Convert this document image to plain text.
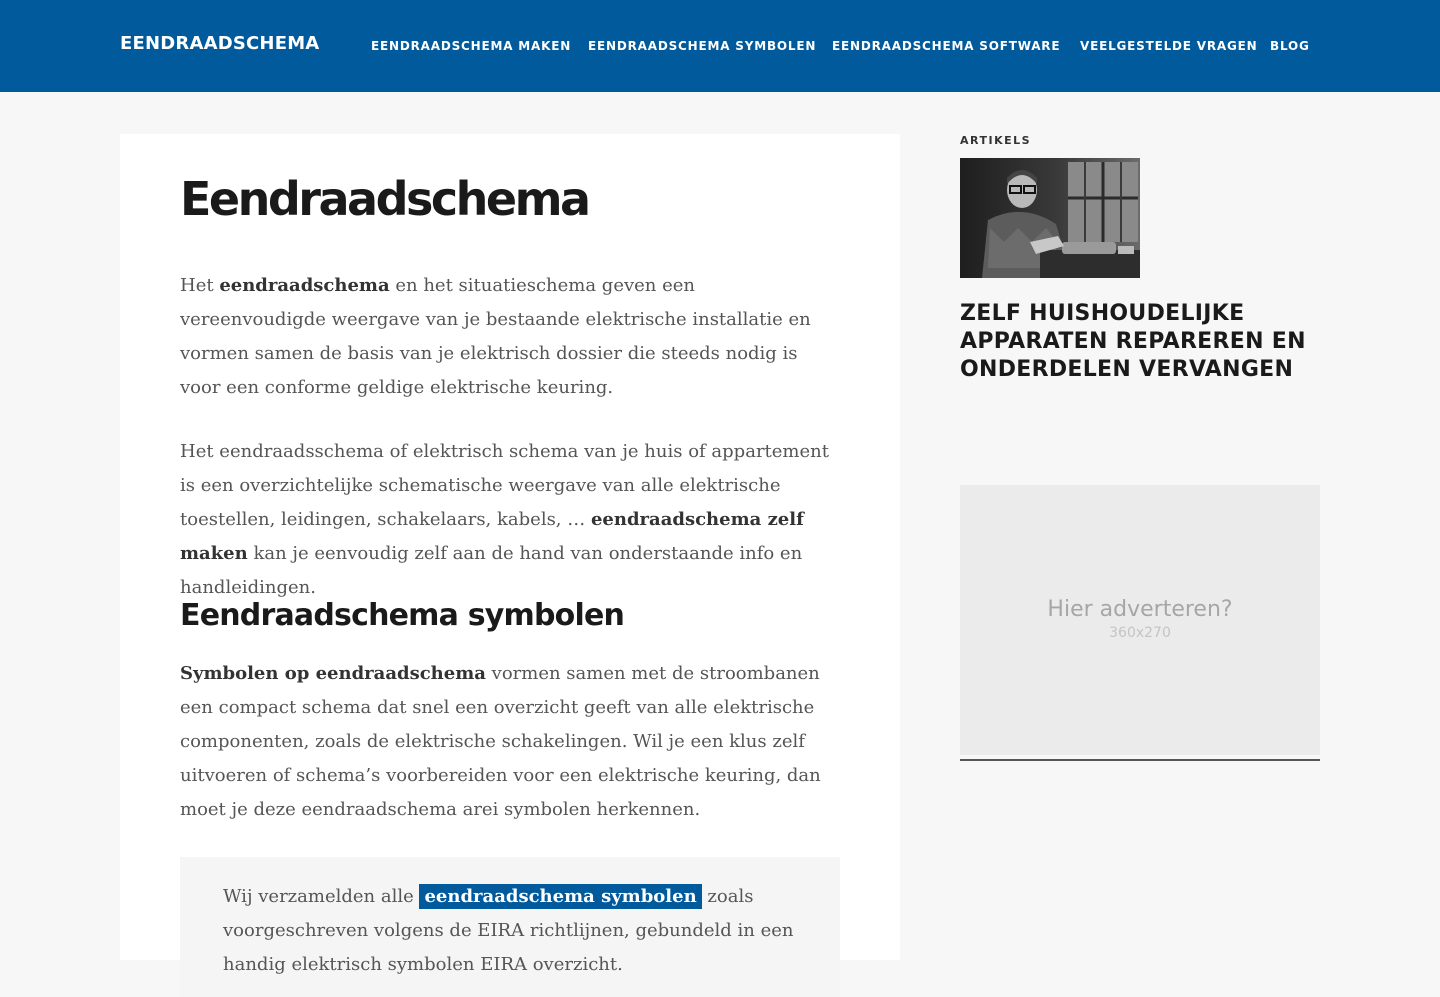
EENDRAADSCHEMA	EENDRAADSCHEMA MAKEN EENDRAADSCHEMA SYMBOLEN EENDRAADSCHEMA SOFTWARE VEELGESTELDE VRAGEN BLOG
Eendraadschema

Het eendraadschema en het situatieschema geven een vereenvoudigde weergave van je bestaande elektrische installatie en vormen samen de basis van je elektrisch dossier die steeds nodig is voor een conforme geldige elektrische keuring.

Het eendraadsschema of elektrisch schema van je huis of appartement is een overzichtelijke schematische weergave van alle elektrische toestellen, leidingen, schakelaars, kabels, … eendraadschema zelf maken kan je eenvoudig zelf aan de hand van onderstaande info en handleidingen.

Eendraadschema symbolen

Symbolen op eendraadschema vormen samen met de stroombanen een compact schema dat snel een overzicht geeft van alle elektrische componenten, zoals de elektrische schakelingen. Wil je een klus zelf uitvoeren of schema’s voorbereiden voor een elektrische keuring, dan moet je deze eendraadschema arei symbolen herkennen.

Wij verzamelden alle eendraadschema symbolen zoals voorgeschreven volgens de EIRA richtlijnen, gebundeld in een handig elektrisch symbolen EIRA overzicht.

ARTIKELS
ZELF HUISHOUDELIJKE APPARATEN REPAREREN EN ONDERDELEN VERVANGEN
Hier adverteren?
360x270
